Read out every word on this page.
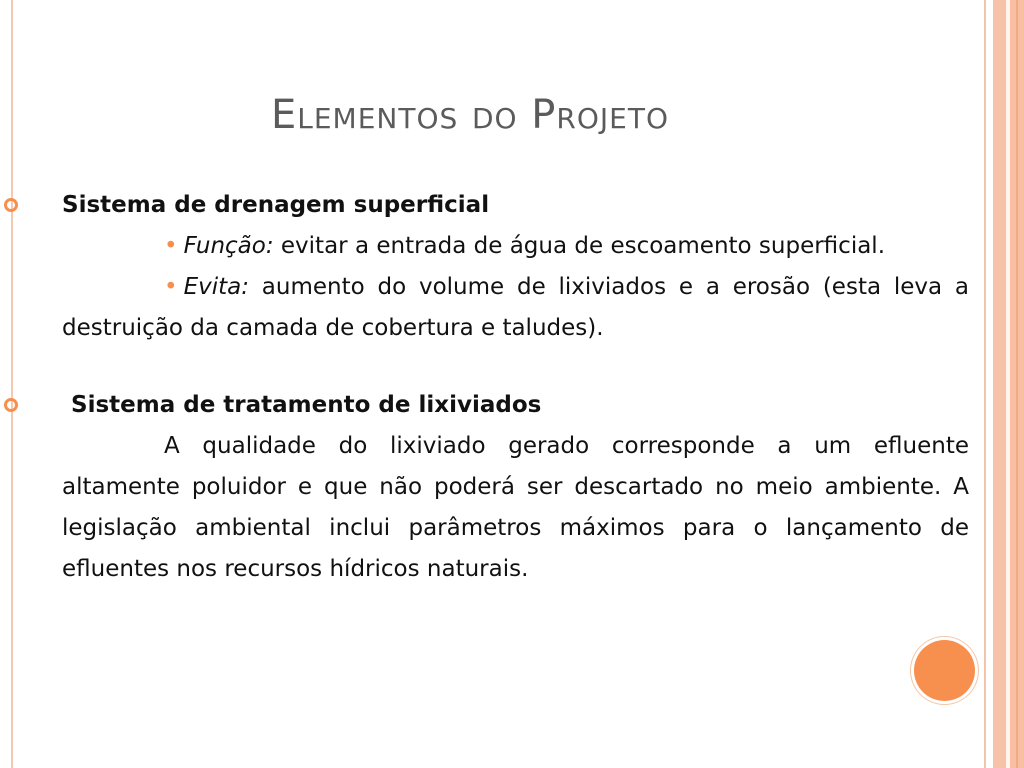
Elementos do Projeto
Sistema de drenagem superficial
• Função: evitar a entrada de água de escoamento superficial.
• Evita: aumento do volume de lixiviados e a erosão (esta leva a destruição da camada de cobertura e taludes).
Sistema de tratamento de lixiviados
A qualidade do lixiviado gerado corresponde a um efluente altamente poluidor e que não poderá ser descartado no meio ambiente. A legislação ambiental inclui parâmetros máximos para o lançamento de efluentes nos recursos hídricos naturais.
